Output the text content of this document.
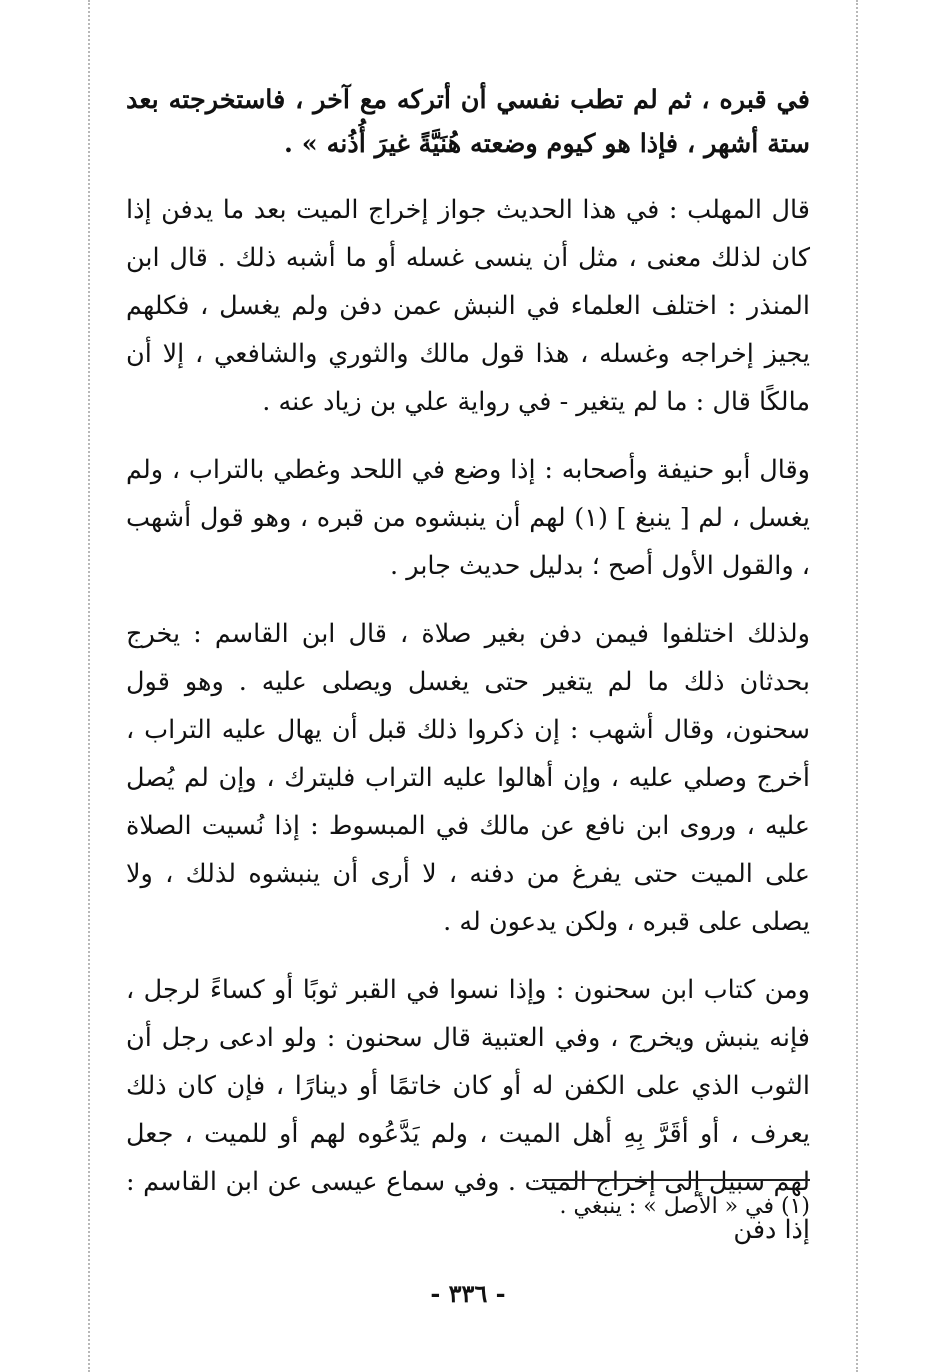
في قبره ، ثم لم تطب نفسي أن أتركه مع آخر ، فاستخرجته بعد ستة أشهر ، فإذا هو كيوم وضعته هُنَيَّةً غيرَ أُذُنه » .

قال المهلب : في هذا الحديث جواز إخراج الميت بعد ما يدفن إذا كان لذلك معنى ، مثل أن ينسى غسله أو ما أشبه ذلك . قال ابن المنذر : اختلف العلماء في النبش عمن دفن ولم يغسل ، فكلهم يجيز إخراجه وغسله ، هذا قول مالك والثوري والشافعي ، إلا أن مالكًا قال : ما لم يتغير - في رواية علي بن زياد عنه .

وقال أبو حنيفة وأصحابه : إذا وضع في اللحد وغطي بالتراب ، ولم يغسل ، لم [ ينبغ ] (١) لهم أن ينبشوه من قبره ، وهو قول أشهب ، والقول الأول أصح ؛ بدليل حديث جابر .

ولذلك اختلفوا فيمن دفن بغير صلاة ، قال ابن القاسم : يخرج بحدثان ذلك ما لم يتغير حتى يغسل ويصلى عليه . وهو قول سحنون، وقال أشهب : إن ذكروا ذلك قبل أن يهال عليه التراب ، أخرج وصلي عليه ، وإن أهالوا عليه التراب فليترك ، وإن لم يُصل عليه ، وروى ابن نافع عن مالك في المبسوط : إذا نُسيت الصلاة على الميت حتى يفرغ من دفنه ، لا أرى أن ينبشوه لذلك ، ولا يصلى على قبره ، ولكن يدعون له .

ومن كتاب ابن سحنون : وإذا نسوا في القبر ثوبًا أو كساءً لرجل ، فإنه ينبش ويخرج ، وفي العتبية قال سحنون : ولو ادعى رجل أن الثوب الذي على الكفن له أو كان خاتمًا أو دينارًا ، فإن كان ذلك يعرف ، أو أقَرَّ بِهِ أهل الميت ، ولم يَدَّعُوه لهم أو للميت ، جعل لهم سبيل إلى إخراج الميت . وفي سماع عيسى عن ابن القاسم : إذا دفن

(١) في « الأصل » : ينبغي .

- ٣٣٦ -
